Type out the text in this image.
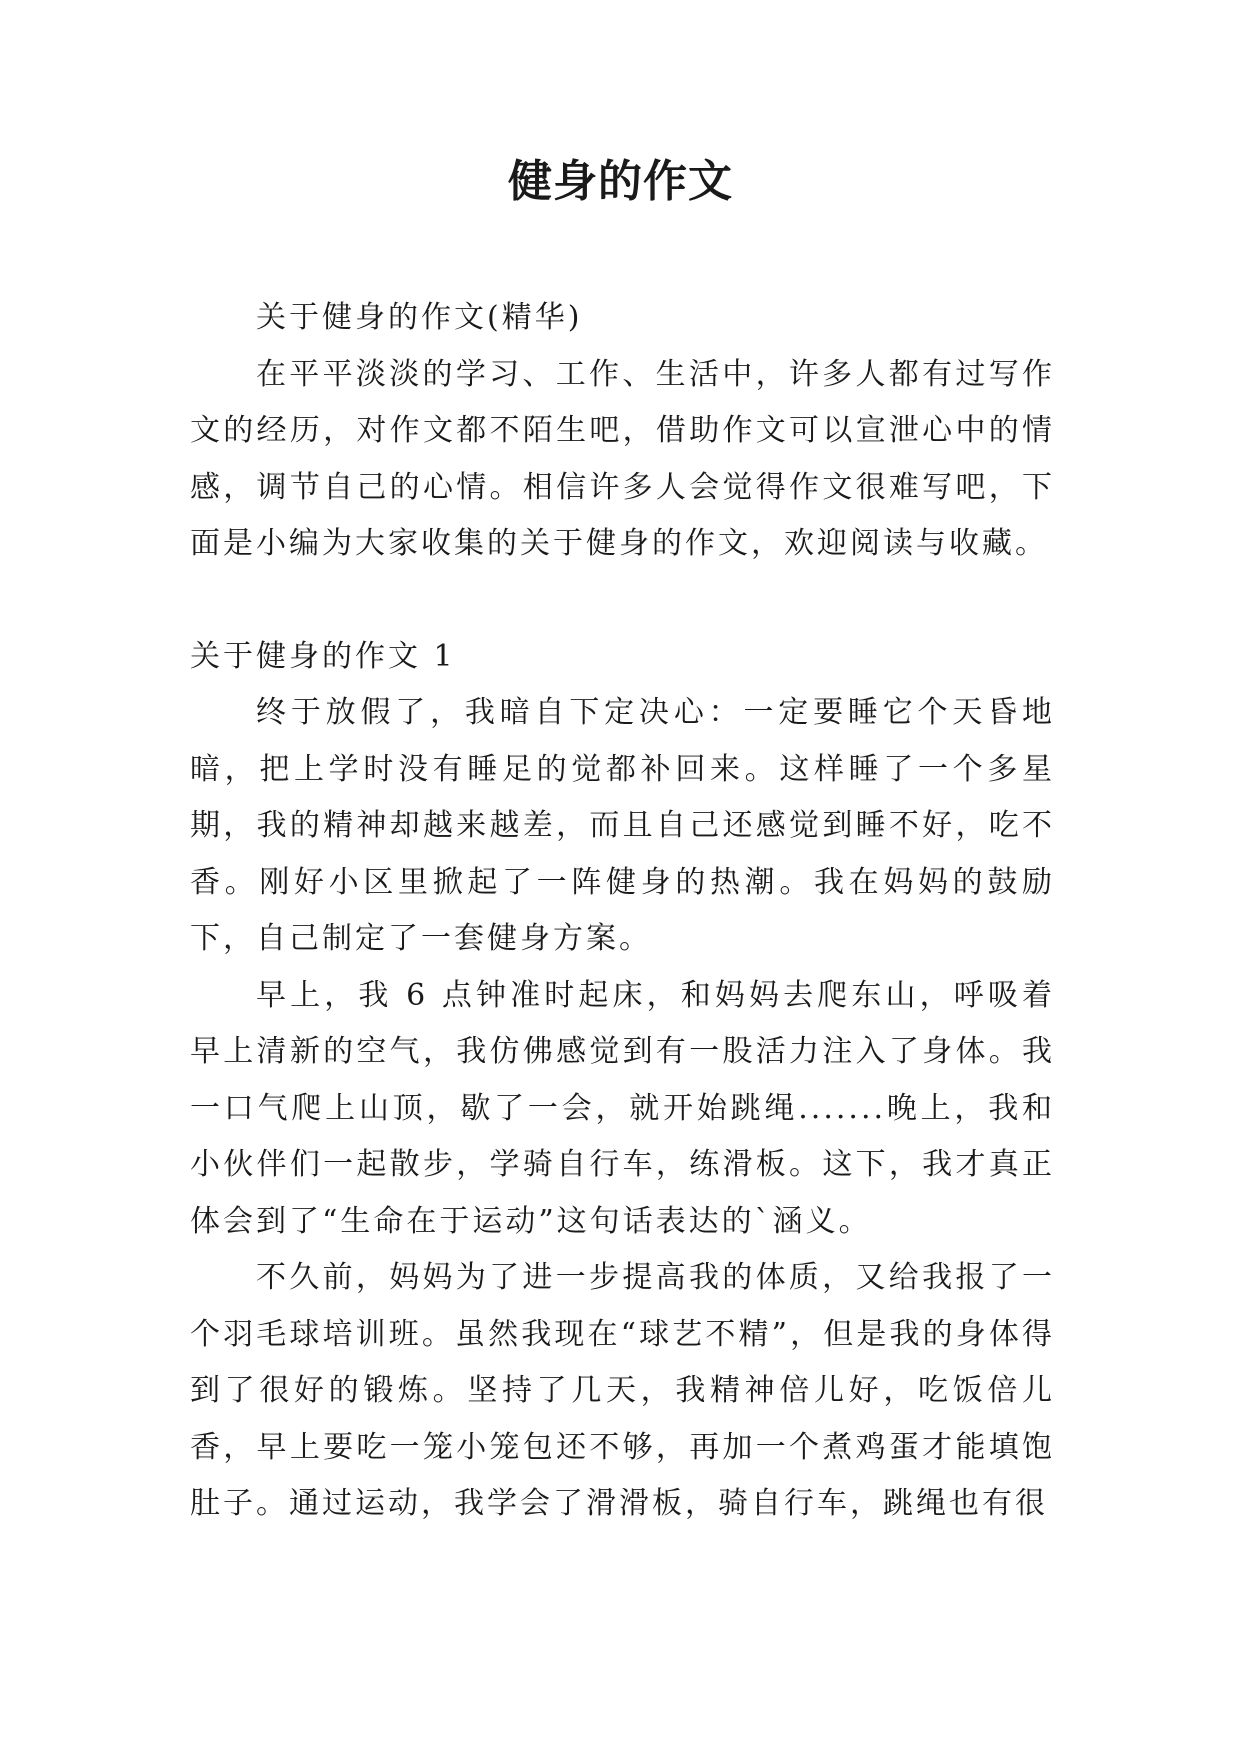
健身的作文

关于健身的作文(精华)

在平平淡淡的学习、工作、生活中，许多人都有过写作文的经历，对作文都不陌生吧，借助作文可以宣泄心中的情感，调节自己的心情。相信许多人会觉得作文很难写吧，下面是小编为大家收集的关于健身的作文，欢迎阅读与收藏。

关于健身的作文 1

终于放假了，我暗自下定决心：一定要睡它个天昏地暗，把上学时没有睡足的觉都补回来。这样睡了一个多星期，我的精神却越来越差，而且自己还感觉到睡不好，吃不香。刚好小区里掀起了一阵健身的热潮。我在妈妈的鼓励下，自己制定了一套健身方案。

早上，我 6 点钟准时起床，和妈妈去爬东山，呼吸着早上清新的空气，我仿佛感觉到有一股活力注入了身体。我一口气爬上山顶，歇了一会，就开始跳绳.......晚上，我和小伙伴们一起散步，学骑自行车，练滑板。这下，我才真正体会到了“生命在于运动”这句话表达的`涵义。

不久前，妈妈为了进一步提高我的体质，又给我报了一个羽毛球培训班。虽然我现在“球艺不精”，但是我的身体得到了很好的锻炼。坚持了几天，我精神倍儿好，吃饭倍儿香，早上要吃一笼小笼包还不够，再加一个煮鸡蛋才能填饱肚子。通过运动，我学会了滑滑板，骑自行车，跳绳也有很
